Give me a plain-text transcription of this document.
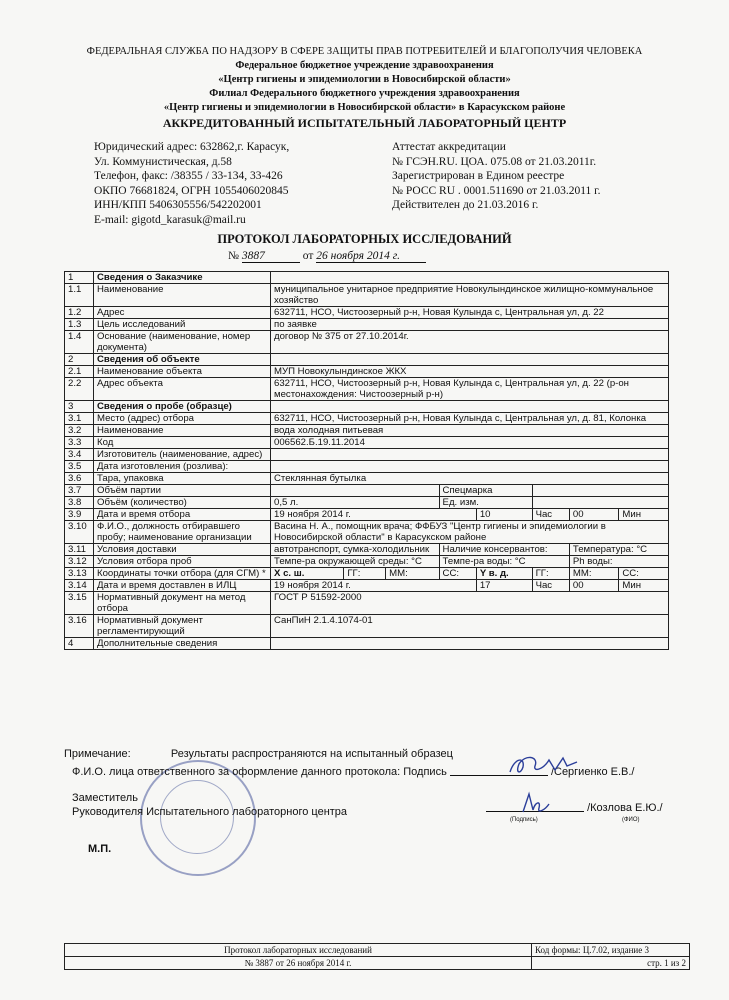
ФЕДЕРАЛЬНАЯ СЛУЖБА ПО НАДЗОРУ В СФЕРЕ ЗАЩИТЫ ПРАВ ПОТРЕБИТЕЛЕЙ И БЛАГОПОЛУЧИЯ ЧЕЛОВЕКА
Федеральное бюджетное учреждение здравоохранения
«Центр гигиены и эпидемиологии в Новосибирской области»
Филиал Федерального бюджетного учреждения здравоохранения
«Центр гигиены и эпидемиологии в Новосибирской области» в Карасукском районе
АККРЕДИТОВАННЫЙ ИСПЫТАТЕЛЬНЫЙ ЛАБОРАТОРНЫЙ ЦЕНТР
Юридический адрес: 632862,г. Карасук,
Ул. Коммунистическая, д.58
Телефон, факс: /38355 / 33-134, 33-426
ОКПО 76681824, ОГРН 1055406020845
ИНН/КПП 5406305556/542202001
E-mail: gigotd_karasuk@mail.ru
Аттестат аккредитации
№ ГСЭН.RU. ЦОА. 075.08 от 21.03.2011г.
Зарегистрирован в Едином реестре
№ РОСС RU . 0001.511690 от 21.03.2011 г.
Действителен до 21.03.2016 г.
ПРОТОКОЛ ЛАБОРАТОРНЫХ ИССЛЕДОВАНИЙ
№ 3887	от 26 ноября 2014 г.
1	Сведения о Заказчике								
1.1	Наименование	муниципальное унитарное предприятие Новокулындинское жилищно-коммунальное хозяйство							
1.2	Адрес	632711, НСО, Чистоозерный р-н, Новая Кулында с, Центральная ул, д. 22							
1.3	Цель исследований	по заявке							
1.4	Основание (наименование, номер документа)	договор № 375 от 27.10.2014г.							
2	Сведения об объекте								
2.1	Наименование объекта	МУП Новокулындинское ЖКХ							
2.2	Адрес объекта	632711, НСО, Чистоозерный р-н, Новая Кулында с, Центральная ул, д. 22 (р-он местонахождения: Чистоозерный р-н)							
3	Сведения о пробе (образце)								
3.1	Место (адрес) отбора	632711, НСО, Чистоозерный р-н, Новая Кулында с, Центральная ул, д. 81, Колонка							
3.2	Наименование	вода холодная питьевая							
3.3	Код	006562.Б.19.11.2014							
3.4	Изготовитель (наименование, адрес)								
3.5	Дата изготовления (розлива):								
3.6	Тара, упаковка	Стеклянная бутылка							
3.7	Объём партии				Спецмарка				
3.8	Объём (количество)	0,5 л.			Ед. изм.				
3.9	Дата и время отбора	19 ноября 2014 г.				10	Час	00	Мин
3.10	Ф.И.О., должность отбиравшего пробу; наименование организации	Васина Н. А., помощник врача; ФФБУЗ "Центр гигиены и эпидемиологии в Новосибирской области" в Карасукском районе							
3.11	Условия доставки	автотранспорт, сумка-холодильник			Наличие консервантов:			Температура: °С	
3.12	Условия отбора проб	Темпе-ра окружающей среды: °С			Темпе-ра воды: °С			Ph воды:	
3.13	Координаты точки отбора (для СГМ) *	X с. ш.	ГГ:	ММ:	СС:	Y в. д.	ГГ:	ММ:	СС:
3.14	Дата и время доставлен в ИЛЦ	19 ноября 2014 г.				17	Час	00	Мин
3.15	Нормативный документ на метод отбора	ГОСТ Р 51592-2000							
3.16	Нормативный документ регламентирующий	СанПиН 2.1.4.1074-01							
4	Дополнительные сведения								
Примечание:	Результаты распространяются на испытанный образец
Ф.И.О. лица ответственного за оформление данного протокола: Подпись	/Сергиенко Е.В./
Заместитель
Руководителя Испытательного лабораторного центра	/Козлова Е.Ю./
(Подпись)	(ФИО)
М.П.
Протокол лабораторных исследований	Код формы: Ц.7.02, издание 3
№ 3887 от 26 ноября 2014 г.	стр. 1 из 2
